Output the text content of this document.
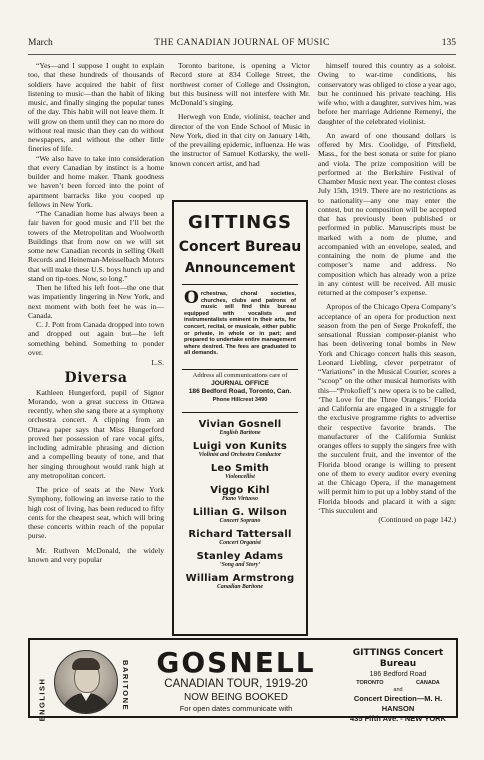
March	THE CANADIAN JOURNAL OF MUSIC	135

“Yes—and I suppose I ought to explain too, that these hundreds of thousands of soldiers have acquired the habit of first listening to music—than the habit of liking music, and finally singing the popular tunes of the day. This habit will not leave them. It will grow on them until they can no more do without real music than they can do without newspapers, and without the other little fineries of life.

“We also have to take into consideration that every Canadian by instinct is a home builder and home maker. Thank goodness we haven’t been forced into the point of apartment barracks like you cooped up fellows in New York.

“The Canadian home has always been a fair haven for good music and I’ll bet the towers of the Metropolitan and Woolworth Buildings that from now on we will set some new Canadian records in selling Okell Records and Heineman-Meisselbach Motors that will make these U.S. boys hunch up and stand on tip-toes. Now, so long.”

Then he lifted his left foot—the one that was impatiently lingering in New York, and next moment with both feet he was in—Canada.

C. J. Pott from Canada dropped into town and dropped out again but—he left something behind. Something to ponder over.

L.S.

Diversa

Kathleen Hungerford, pupil of Signor Morando, won a great success in Ottawa recently, when she sang there at a symphony orchestra concert. A clipping from an Ottawa paper says that Miss Hungerford proved her possession of rare vocal gifts, including admirable phrasing and diction and a compelling beauty of tone, and that her singing throughout would rank high at any metropolitan concert.

The price of seats at the New York Symphony, following an inverse ratio to the high cost of living, has been reduced to fifty cents for the cheapest seat, which will bring these concerts within reach of the popular purse.

Mr. Ruthven McDonald, the widely known and very popular

Toronto baritone, is opening a Victor Record store at 834 College Street, the northwest corner of College and Ossington, but this business will not interfere with Mr. McDonald’s singing.

Herwegh von Ende, violinist, teacher and director of the von Ende School of Music in New York, died in that city on January 14th, of the prevailing epidemic, influenza. He was the instructor of Samuel Kotlarsky, the well-known concert artist, and had

GITTINGS
Concert Bureau
Announcement
Orchestras, choral societies, churches, clubs and patrons of music will find this bureau equipped with vocalists and instrumentalists eminent in their arts, for concert, recital, or musicale, either public or private, in whole or in part; and prepared to undertake entire management where desired. The fees are graduated to all demands.
Address all communications care of
JOURNAL OFFICE
186 Bedford Road, Toronto, Can.
Phone Hillcrest 3490
Vivian Gosnell
English Baritone
Luigi von Kunits
Violinist and Orchestra Conductor
Leo Smith
Violoncellist
Viggo Kihl
Piano Virtuoso
Lillian G. Wilson
Concert Soprano
Richard Tattersall
Concert Organist
Stanley Adams
‘Song and Story’
William Armstrong
Canadian Baritone

himself toured this country as a soloist. Owing to war-time conditions, his conservatory was obliged to close a year ago, but he continued his private teaching. His wife who, with a daughter, survives him, was before her marriage Adrienne Remenyi, the daughter of the celebrated violinist.

An award of one thousand dollars is offered by Mrs. Coolidge, of Pittsfield, Mass., for the best sonata or suite for piano and viola. The prize composition will be performed at the Berkshire Festival of Chamber Music next year. The contest closes July 15th, 1919. There are no restrictions as to nationality—any one may enter the contest, but no composition will be accepted that has previously been published or performed in public. Manuscripts must be marked with a nom de plume, and accompanied with an envelope, sealed, and containing the nom de plume and the composer’s name and address. No composition which has already won a prize in any contest will be received. All music returned at the composer’s expense.

Apropos of the Chicago Opera Company’s acceptance of an opera for production next season from the pen of Serge Prokofeff, the sensational Russian composer-pianist who has been delivering tonal bombs in New York and Chicago concert halls this season, Leonard Liebling, clever perpetrator of “Variations” in the Musical Courier, scores a “scoop” on the other musical humorists with this—“Prokofieff’s new opera is to be called, ‘The Love for the Three Oranges.’ Florida and California are engaged in a struggle for the exclusive programme rights to advertise their respective favorite brands. The manufacturer of the California Sunkist oranges offers to supply the singers free with the succulent fruit, and the inventor of the Florida blood orange is willing to present one of them to every auditor every evening at the Chicago Opera, if the management will permit him to put up a lobby stand of the Florida bloods and placard it with a sign: ‘This succulent and

(Continued on page 142.)

ENGLISH	BARITONE GOSNELL
CANADIAN TOUR, 1919-20
NOW BEING BOOKED
For open dates communicate with
GITTINGS Concert Bureau
186 Bedford Road
TORONTO	CANADA
and
Concert Direction—M. H. HANSON
435 Fifth Ave. - NEW YORK
